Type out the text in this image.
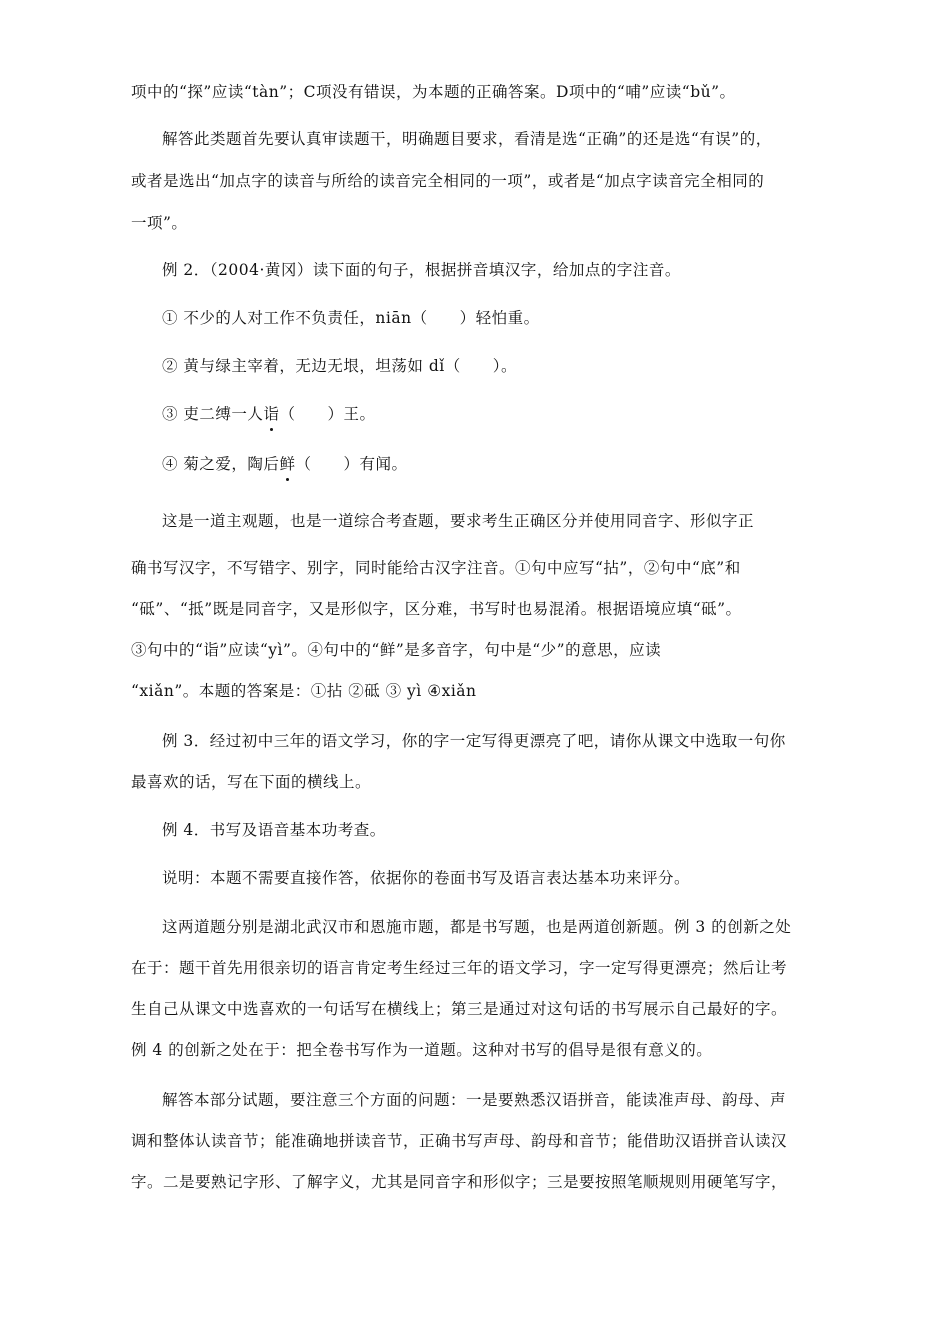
项中的“探”应读“tàn”；C项没有错误，为本题的正确答案。D项中的“哺”应读“bǔ”。
解答此类题首先要认真审读题干，明确题目要求，看清是选“正确”的还是选“有误”的，
或者是选出“加点字的读音与所给的读音完全相同的一项”，或者是“加点字读音完全相同的
一项”。
例 2．（2004·黄冈）读下面的句子，根据拼音填汉字，给加点的字注音。
① 不少的人对工作不负责任，niān（　　）轻怕重。
② 黄与绿主宰着，无边无垠，坦荡如 dǐ（　　）。
③ 吏二缚一人诣（　　）王。
④ 菊之爱，陶后鲜（　　）有闻。
这是一道主观题，也是一道综合考查题，要求考生正确区分并使用同音字、形似字正
确书写汉字，不写错字、别字，同时能给古汉字注音。①句中应写“拈”，②句中“底”和
“砥”、“抵”既是同音字，又是形似字，区分难，书写时也易混淆。根据语境应填“砥”。
③句中的“诣”应读“yì”。④句中的“鲜”是多音字，句中是“少”的意思，应读
“xiǎn”。本题的答案是：①拈 ②砥 ③ yì ④xiǎn
例 3．经过初中三年的语文学习，你的字一定写得更漂亮了吧，请你从课文中选取一句你
最喜欢的话，写在下面的横线上。
例 4．书写及语音基本功考查。
说明：本题不需要直接作答，依据你的卷面书写及语言表达基本功来评分。
这两道题分别是湖北武汉市和恩施市题，都是书写题，也是两道创新题。例 3 的创新之处
在于：题干首先用很亲切的语言肯定考生经过三年的语文学习，字一定写得更漂亮；然后让考
生自己从课文中选喜欢的一句话写在横线上；第三是通过对这句话的书写展示自己最好的字。
例 4 的创新之处在于：把全卷书写作为一道题。这种对书写的倡导是很有意义的。
解答本部分试题，要注意三个方面的问题：一是要熟悉汉语拼音，能读准声母、韵母、声
调和整体认读音节；能准确地拼读音节，正确书写声母、韵母和音节；能借助汉语拼音认读汉
字。二是要熟记字形、了解字义，尤其是同音字和形似字；三是要按照笔顺规则用硬笔写字，
